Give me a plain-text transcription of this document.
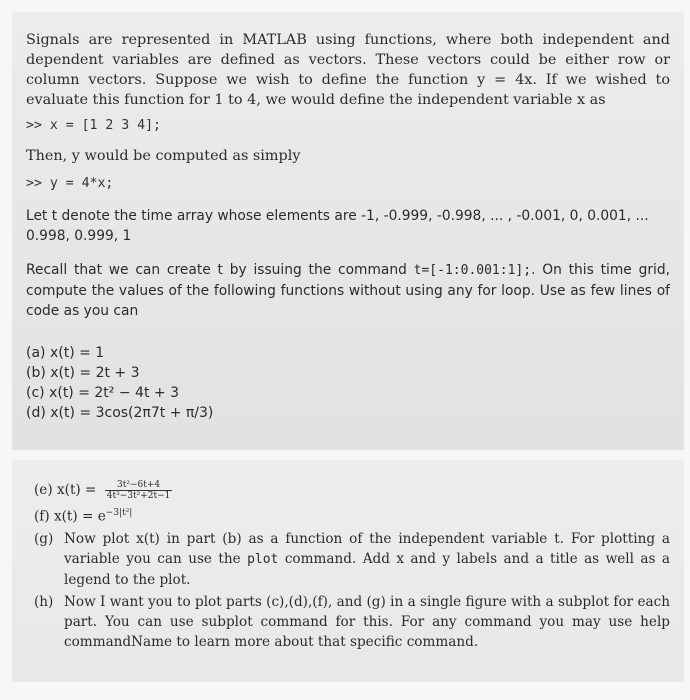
Signals are represented in MATLAB using functions, where both independent and dependent variables are defined as vectors. These vectors could be either row or column vectors. Suppose we wish to define the function y = 4x. If we wished to evaluate this function for 1 to 4, we would define the independent variable x as

>> x = [1 2 3 4];

Then, y would be computed as simply

>> y = 4*x;

Let t denote the time array whose elements are -1, -0.999, -0.998, ... , -0.001, 0, 0.001, ... 0.998, 0.999, 1

Recall that we can create t by issuing the command t=[-1:0.001:1];. On this time grid, compute the values of the following functions without using any for loop. Use as few lines of code as you can

(a) x(t) = 1
(b) x(t) = 2t + 3
(c) x(t) = 2t² − 4t + 3
(d) x(t) = 3cos(2π7t + π/3)
(e) $x(t) = \frac{\text{3t²−6t+4}}{\text{4t³−3t²+2t−1}}$
(f) $x(t) = e^{-3|t^2|}$
(g) Now plot x(t) in part (b) as a function of the independent variable t. For plotting a variable you can use the plot command. Add x and y labels and a title as well as a legend to the plot.
(h) Now I want you to plot parts (c),(d),(f), and (g) in a single figure with a subplot for each part. You can use subplot command for this. For any command you may use help commandName to learn more about that specific command.
